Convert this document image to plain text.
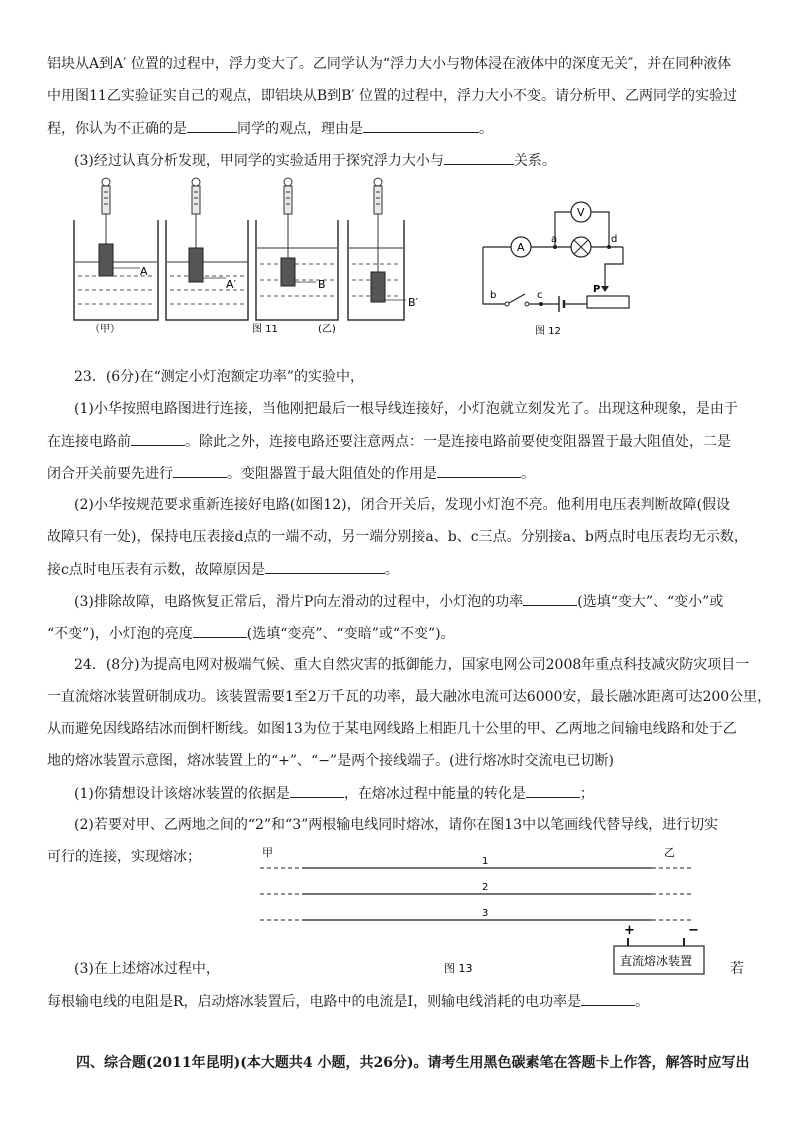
铝块从A到A′ 位置的过程中，浮力变大了。乙同学认为“浮力大小与物体浸在液体中的深度无关″，并在同种液体
中用图11乙实验证实自己的观点，即铝块从B到B′ 位置的过程中，浮力大小不变。请分析甲、乙两同学的实验过
程，你认为不正确的是	同学的观点，理由是	。
(3)经过认真分析发现，甲同学的实验适用于探究浮力大小与	关系。
A
（甲）
A′	B
图 11	(乙)
B′
A
a	d
V
P
b	c
图 12
23．(6分)在“测定小灯泡额定功率”的实验中，
(1)小华按照电路图进行连接，当他刚把最后一根导线连接好，小灯泡就立刻发光了。出现这种现象，是由于
在连接电路前	。除此之外，连接电路还要注意两点：一是连接电路前要使变阻器置于最大阻值处，二是
闭合开关前要先进行	。变阻器置于最大阻值处的作用是	。
(2)小华按规范要求重新连接好电路(如图12)，闭合开关后，发现小灯泡不亮。他利用电压表判断故障(假设
故障只有一处)，保持电压表接d点的一端不动，另一端分别接a、b、c三点。分别接a、b两点时电压表均无示数，
接c点时电压表有示数，故障原因是	。
(3)排除故障，电路恢复正常后，滑片P向左滑动的过程中，小灯泡的功率	(选填“变大”、“变小”或
“不变”)，小灯泡的亮度	(选填“变亮”、“变暗”或“不变”)。
24．(8分)为提高电网对极端气候、重大自然灾害的抵御能力，国家电网公司2008年重点科技减灾防灾项目一
一直流熔冰装置研制成功。该装置需要1至2万千瓦的功率，最大融冰电流可达6000安，最长融冰距离可达200公里，
从而避免因线路结冰而倒杆断线。如图13为位于某电网线路上相距几十公里的甲、乙两地之间输电线路和处于乙
地的熔冰装置示意图，熔冰装置上的“+”、“−”是两个接线端子。(进行熔冰时交流电已切断)
(1)你猜想设计该熔冰装置的依据是	，在熔冰过程中能量的转化是	；
(2)若要对甲、乙两地之间的“2”和“3”两根输电线同时熔冰，请你在图13中以笔画线代替导线，进行切实
可行的连接，实现熔冰；	甲	乙
1
2
3
图 13
+	−
直流熔冰装置
(3)在上述熔冰过程中，	若
每根输电线的电阻是R，启动熔冰装置后，电路中的电流是I，则输电线消耗的电功率是	。
四、综合题(2011年昆明)(本大题共4 小题，共26分)。请考生用黑色碳素笔在答题卡上作答，解答时应写出
